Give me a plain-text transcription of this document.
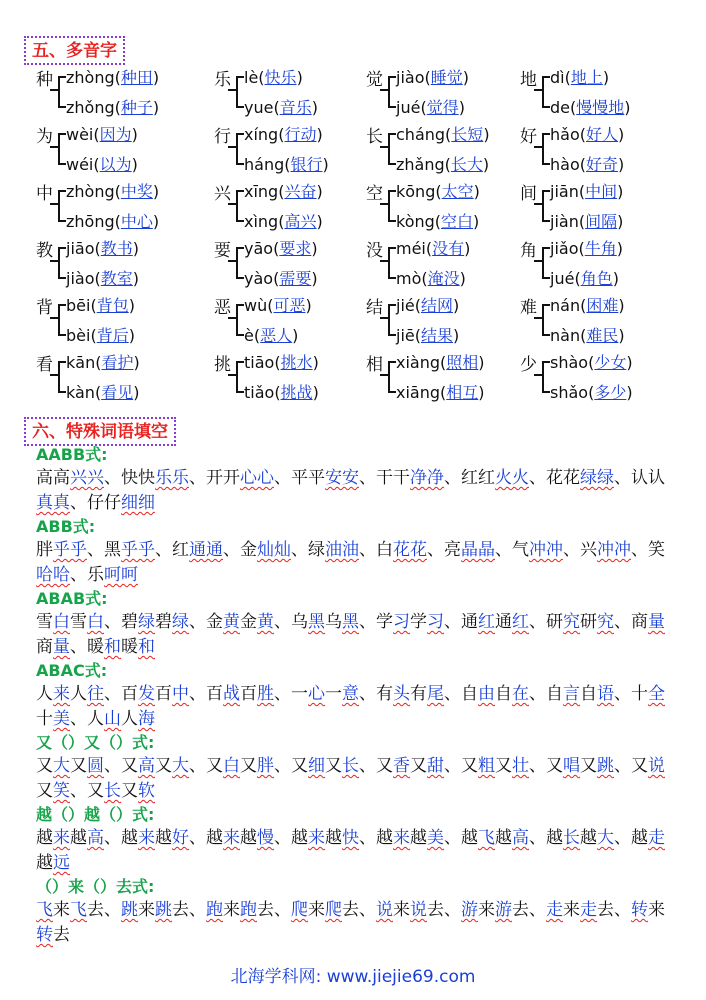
五、多音字
种 zhòng(种田)
zhǒng(种子)
乐 lè(快乐)
yue(音乐)
觉 jiào(睡觉)
jué(觉得)
地 dì(地上)
de(慢慢地)
为 wèi(因为)
wéi(以为)
行 xíng(行动)
háng(银行)
长 cháng(长短)
zhǎng(长大)
好 hǎo(好人)
hào(好奇)
中 zhòng(中奖)
zhōng(中心)
兴 xīng(兴奋)
xìng(高兴)
空 kōng(太空)
kòng(空白)
间 jiān(中间)
jiàn(间隔)
教 jiāo(教书)
jiào(教室)
要 yāo(要求)
yào(需要)
没 méi(没有)
mò(淹没)
角 jiǎo(牛角)
jué(角色)
背 bēi(背包)
bèi(背后)
恶 wù(可恶)
è(恶人)
结 jié(结网)
jiē(结果)
难 nán(困难)
nàn(难民)
看 kān(看护)
kàn(看见)
挑 tiāo(挑水)
tiǎo(挑战)
相 xiàng(照相)
xiāng(相互)
少 shào(少女)
shǎo(多少)
六、特殊词语填空
AABB式:
高高兴兴、快快乐乐、开开心心、平平安安、干干净净、红红火火、花花绿绿、认认真真、仔仔细细
ABB式:
胖乎乎、黑乎乎、红通通、金灿灿、绿油油、白花花、亮晶晶、气冲冲、兴冲冲、笑哈哈、乐呵呵
ABAB式:
雪白雪白、碧绿碧绿、金黄金黄、乌黑乌黑、学习学习、通红通红、研究研究、商量商量、暖和暖和
ABAC式:
人来人往、百发百中、百战百胜、一心一意、有头有尾、自由自在、自言自语、十全十美、人山人海
又（）又（）式:
又大又圆、又高又大、又白又胖、又细又长、又香又甜、又粗又壮、又唱又跳、又说又笑、又长又软
越（）越（）式:
越来越高、越来越好、越来越慢、越来越快、越来越美、越飞越高、越长越大、越走越远
（）来（）去式:
飞来飞去、跳来跳去、跑来跑去、爬来爬去、说来说去、游来游去、走来走去、转来转去
北海学科网: www.jiejie69.com
